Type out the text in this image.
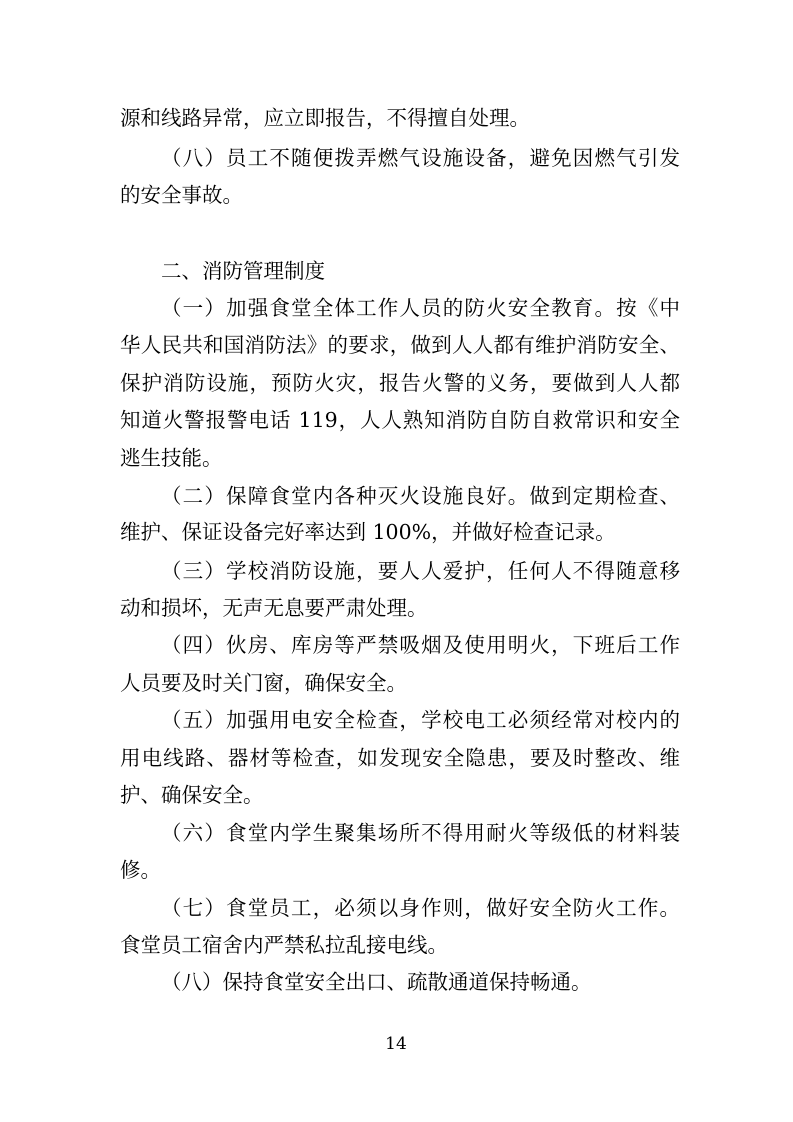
源和线路异常，应立即报告，不得擅自处理。
（八）员工不随便拨弄燃气设施设备，避免因燃气引发
的安全事故。
二、消防管理制度
（一）加强食堂全体工作人员的防火安全教育。按《中
华人民共和国消防法》的要求，做到人人都有维护消防安全、
保护消防设施，预防火灾，报告火警的义务，要做到人人都
知道火警报警电话 119，人人熟知消防自防自救常识和安全
逃生技能。
（二）保障食堂内各种灭火设施良好。做到定期检查、
维护、保证设备完好率达到 100%，并做好检查记录。
（三）学校消防设施，要人人爱护，任何人不得随意移
动和损坏，无声无息要严肃处理。
（四）伙房、库房等严禁吸烟及使用明火，下班后工作
人员要及时关门窗，确保安全。
（五）加强用电安全检查，学校电工必须经常对校内的
用电线路、器材等检查，如发现安全隐患，要及时整改、维
护、确保安全。
（六）食堂内学生聚集场所不得用耐火等级低的材料装
修。
（七）食堂员工，必须以身作则，做好安全防火工作。
食堂员工宿舍内严禁私拉乱接电线。
（八）保持食堂安全出口、疏散通道保持畅通。
14
